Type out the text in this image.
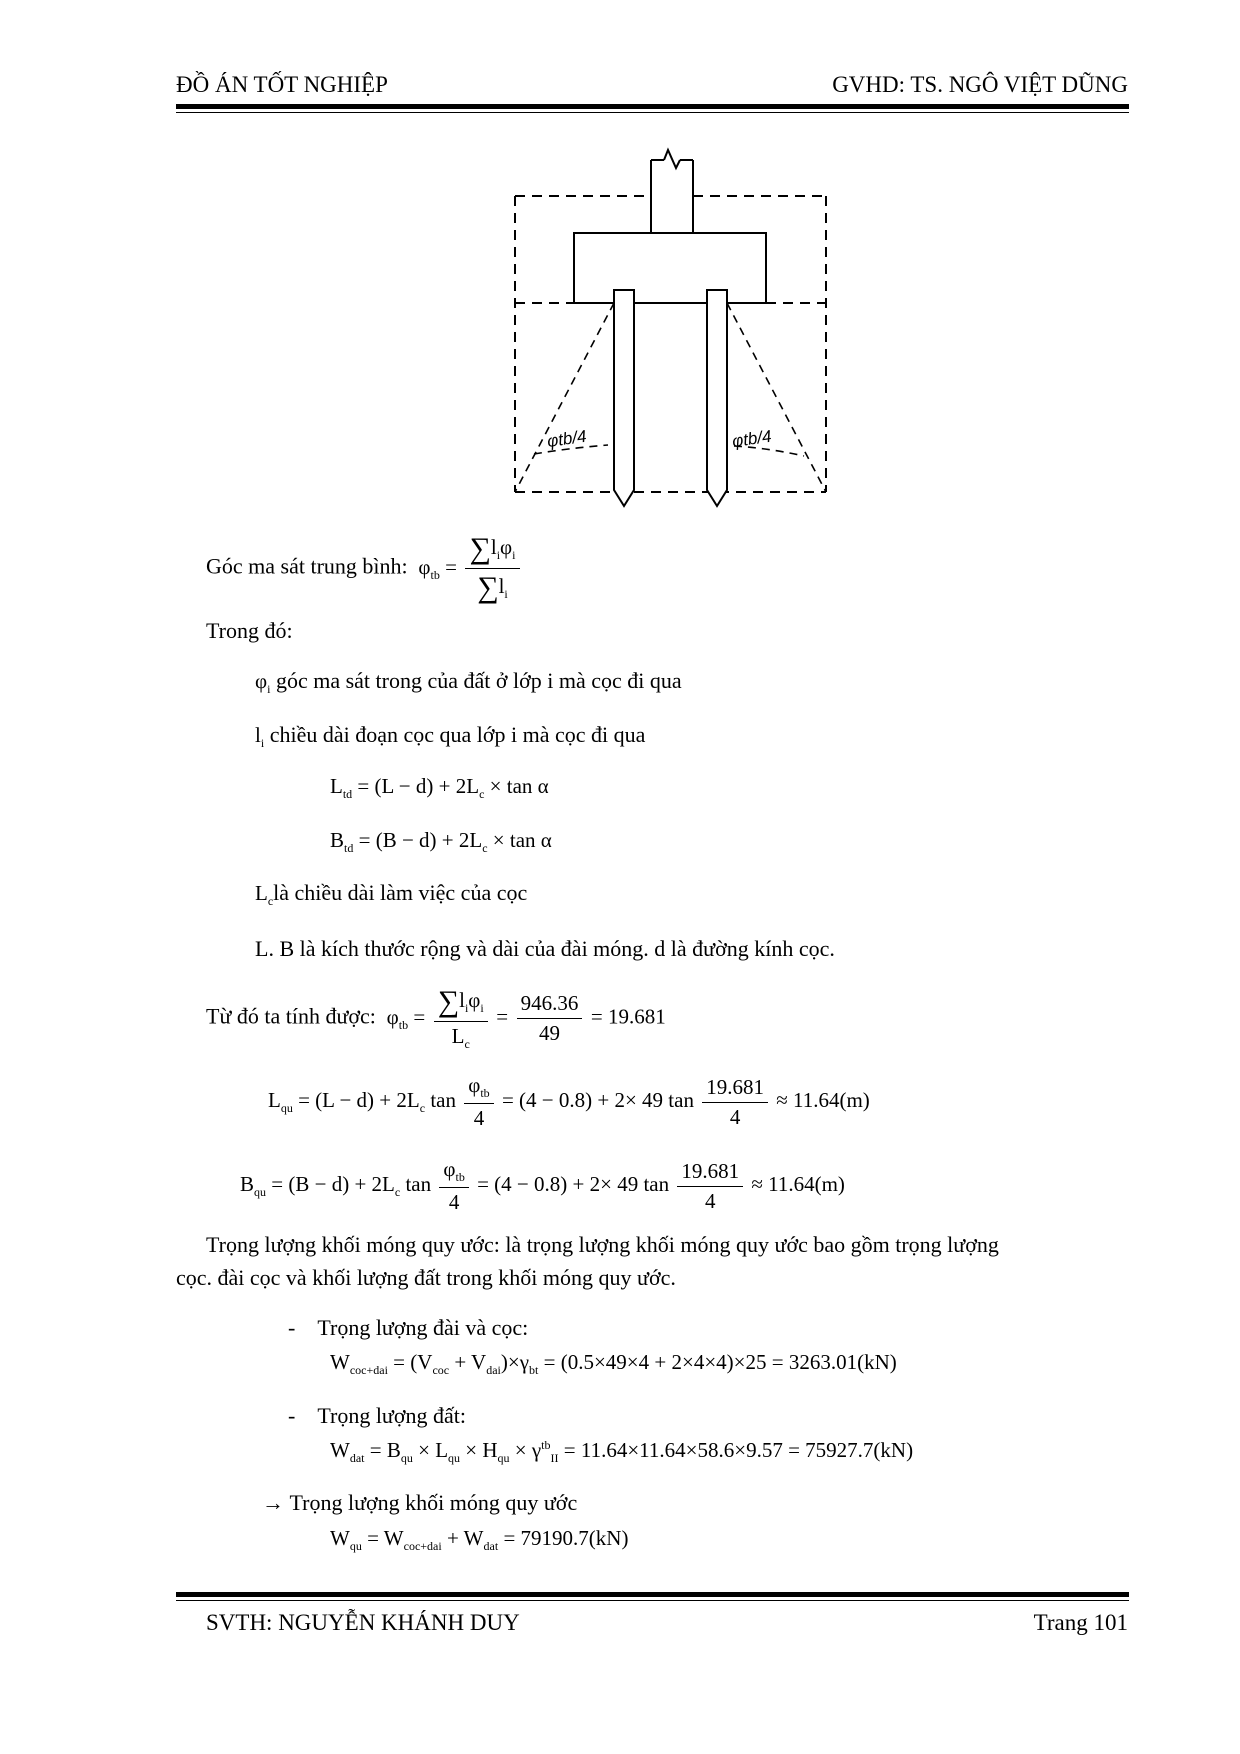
ĐỒ ÁN TỐT NGHIỆP	GVHD: TS. NGÔ VIỆT DŨNG
φtb/4	φtb/4
Góc ma sát trung bình:  $\varphi_{tb} = \frac{\sum l_i\varphi_i}{\sum l_i}$
Trong đó:
$\varphi_i$ góc ma sát trong của đất ở lớp i mà cọc đi qua
$l_i$ chiều dài đoạn cọc qua lớp i mà cọc đi qua
$L_{td} = (L - d) + 2L_c \times \tan \alpha$
$B_{td} = (B - d) + 2L_c \times \tan \alpha$
$L_clà$ chiều dài làm việc của cọc
L. B là kích thước rộng và dài của đài móng. d là đường kính cọc.
Từ đó ta tính được:  $\varphi_{tb} = \frac{\sum l_i\varphi_i}{L_c} = \frac{946.36}{49} = 19.681$
$L_{qu} = (L - d) + 2L_c$ $\tan \frac{\varphi_{tb}}{4} = (4 - 0.8) + 2\times 49$ $\tan \frac{19.681}{4} \approx 11.64(m)$
$B_{qu} = (B - d) + 2L_c$ $\tan \frac{\varphi_{tb}}{4} = (4 - 0.8) + 2\times 49$ $\tan \frac{19.681}{4} \approx 11.64(m)$
Trọng lượng khối móng quy ước: là trọng lượng khối móng quy ước bao gồm trọng lượng
cọc. đài cọc và khối lượng đất trong khối móng quy ước.
-    Trọng lượng đài và cọc:
$W_{coc+dai} = (V_{coc} + V_{dai})\times\gamma_{bt} = (0.5\times 49\times 4 + 2\times 4\times 4)\times 25 = 3263.01(kN)$
-    Trọng lượng đất:
$W_{dat} = B_{qu} \times L_{qu} \times H_{qu} \times \gamma^{tb}_{II} = 11.64\times 11.64\times 58.6\times 9.57 = 75927.7(kN)$
→ Trọng lượng khối móng quy ước
$W_{qu} = W_{coc+dai} + W_{dat} = 79190.7(kN)$
SVTH: NGUYỄN KHÁNH DUY	Trang 101
